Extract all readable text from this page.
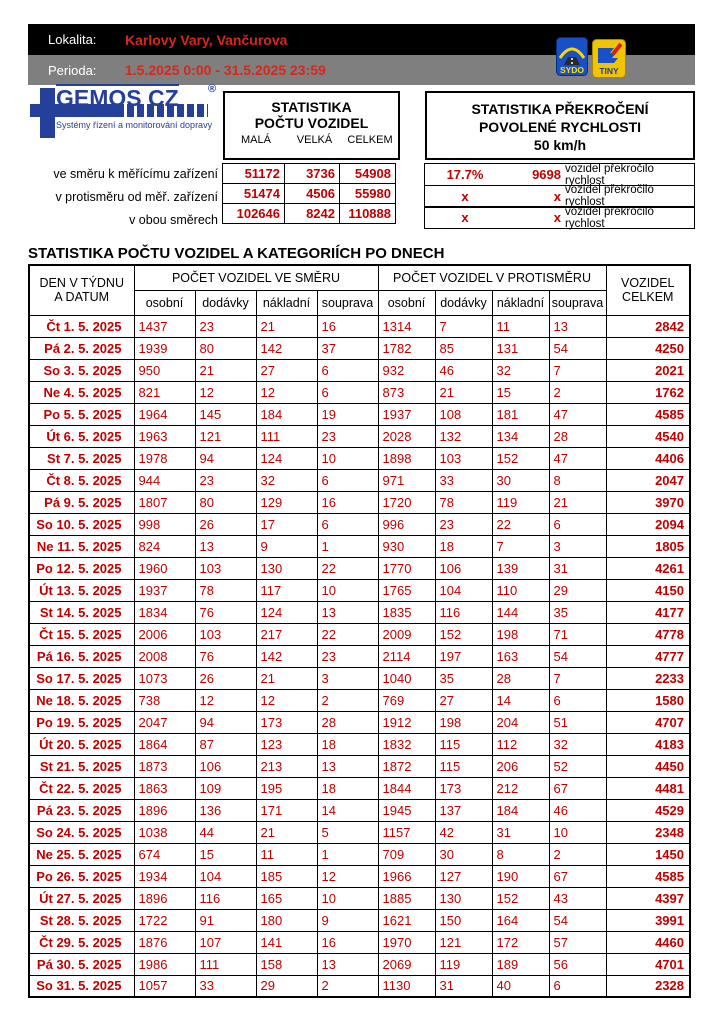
Lokalita:	Karlovy Vary, Vančurova
Perioda:	1.5.2025 0:00 - 31.5.2025 23:59	SYDO TINY
GEMOS CZ	®
Systémy řízení a monitorování dopravy
STATISTIKA
POČTU VOZIDEL
MALÁ	VELKÁ	CELKEM
STATISTIKA PŘEKROČENÍ
POVOLENÉ RYCHLOSTI
50 km/h
ve směru k měřícímu zařízení
v protisměru od měř. zařízení
v obou směrech
51172	3736	54908
51474	4506	55980
102646	8242	110888
17.7%	9698 vozidel překročilo rychlost
x	x vozidel překročilo rychlost
x	x vozidel překročilo rychlost
STATISTIKA POČTU VOZIDEL A KATEGORIÍCH PO DNECH
DEN V TÝDNU
A DATUM
	POČET VOZIDEL VE SMĚRU	POČET VOZIDEL V PROTISMĚRU	VOZIDEL
CELKEM

	osobní	dodávky	nákladní	souprava	osobní	dodávky	nákladní	souprava	
Čt 1. 5. 2025	1437	23	21	16	1314	7	11	13	2842
Pá 2. 5. 2025	1939	80	142	37	1782	85	131	54	4250
So 3. 5. 2025	950	21	27	6	932	46	32	7	2021
Ne 4. 5. 2025	821	12	12	6	873	21	15	2	1762
Po 5. 5. 2025	1964	145	184	19	1937	108	181	47	4585
Út 6. 5. 2025	1963	121	111	23	2028	132	134	28	4540
St 7. 5. 2025	1978	94	124	10	1898	103	152	47	4406
Čt 8. 5. 2025	944	23	32	6	971	33	30	8	2047
Pá 9. 5. 2025	1807	80	129	16	1720	78	119	21	3970
So 10. 5. 2025	998	26	17	6	996	23	22	6	2094
Ne 11. 5. 2025	824	13	9	1	930	18	7	3	1805
Po 12. 5. 2025	1960	103	130	22	1770	106	139	31	4261
Út 13. 5. 2025	1937	78	117	10	1765	104	110	29	4150
St 14. 5. 2025	1834	76	124	13	1835	116	144	35	4177
Čt 15. 5. 2025	2006	103	217	22	2009	152	198	71	4778
Pá 16. 5. 2025	2008	76	142	23	2114	197	163	54	4777
So 17. 5. 2025	1073	26	21	3	1040	35	28	7	2233
Ne 18. 5. 2025	738	12	12	2	769	27	14	6	1580
Po 19. 5. 2025	2047	94	173	28	1912	198	204	51	4707
Út 20. 5. 2025	1864	87	123	18	1832	115	112	32	4183
St 21. 5. 2025	1873	106	213	13	1872	115	206	52	4450
Čt 22. 5. 2025	1863	109	195	18	1844	173	212	67	4481
Pá 23. 5. 2025	1896	136	171	14	1945	137	184	46	4529
So 24. 5. 2025	1038	44	21	5	1157	42	31	10	2348
Ne 25. 5. 2025	674	15	11	1	709	30	8	2	1450
Po 26. 5. 2025	1934	104	185	12	1966	127	190	67	4585
Út 27. 5. 2025	1896	116	165	10	1885	130	152	43	4397
St 28. 5. 2025	1722	91	180	9	1621	150	164	54	3991
Čt 29. 5. 2025	1876	107	141	16	1970	121	172	57	4460
Pá 30. 5. 2025	1986	111	158	13	2069	119	189	56	4701
So 31. 5. 2025	1057	33	29	2	1130	31	40	6	2328
